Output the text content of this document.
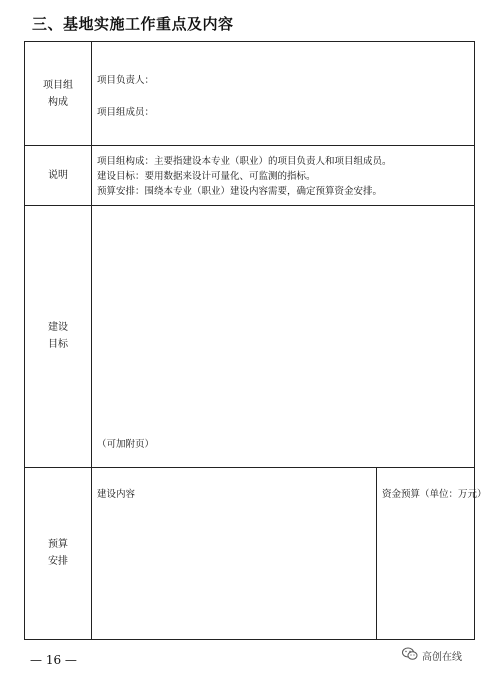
三、基地实施工作重点及内容
项目组
构成
项目负责人：
项目组成员：
说明
项目组构成：主要指建设本专业（职业）的项目负责人和项目组成员。
建设目标：要用数据来设计可量化、可监测的指标。
预算安排：围绕本专业（职业）建设内容需要，确定预算资金安排。
建设
目标
（可加附页）
预算
安排
建设内容	资金预算（单位：万元）
— 16 —	高创在线
